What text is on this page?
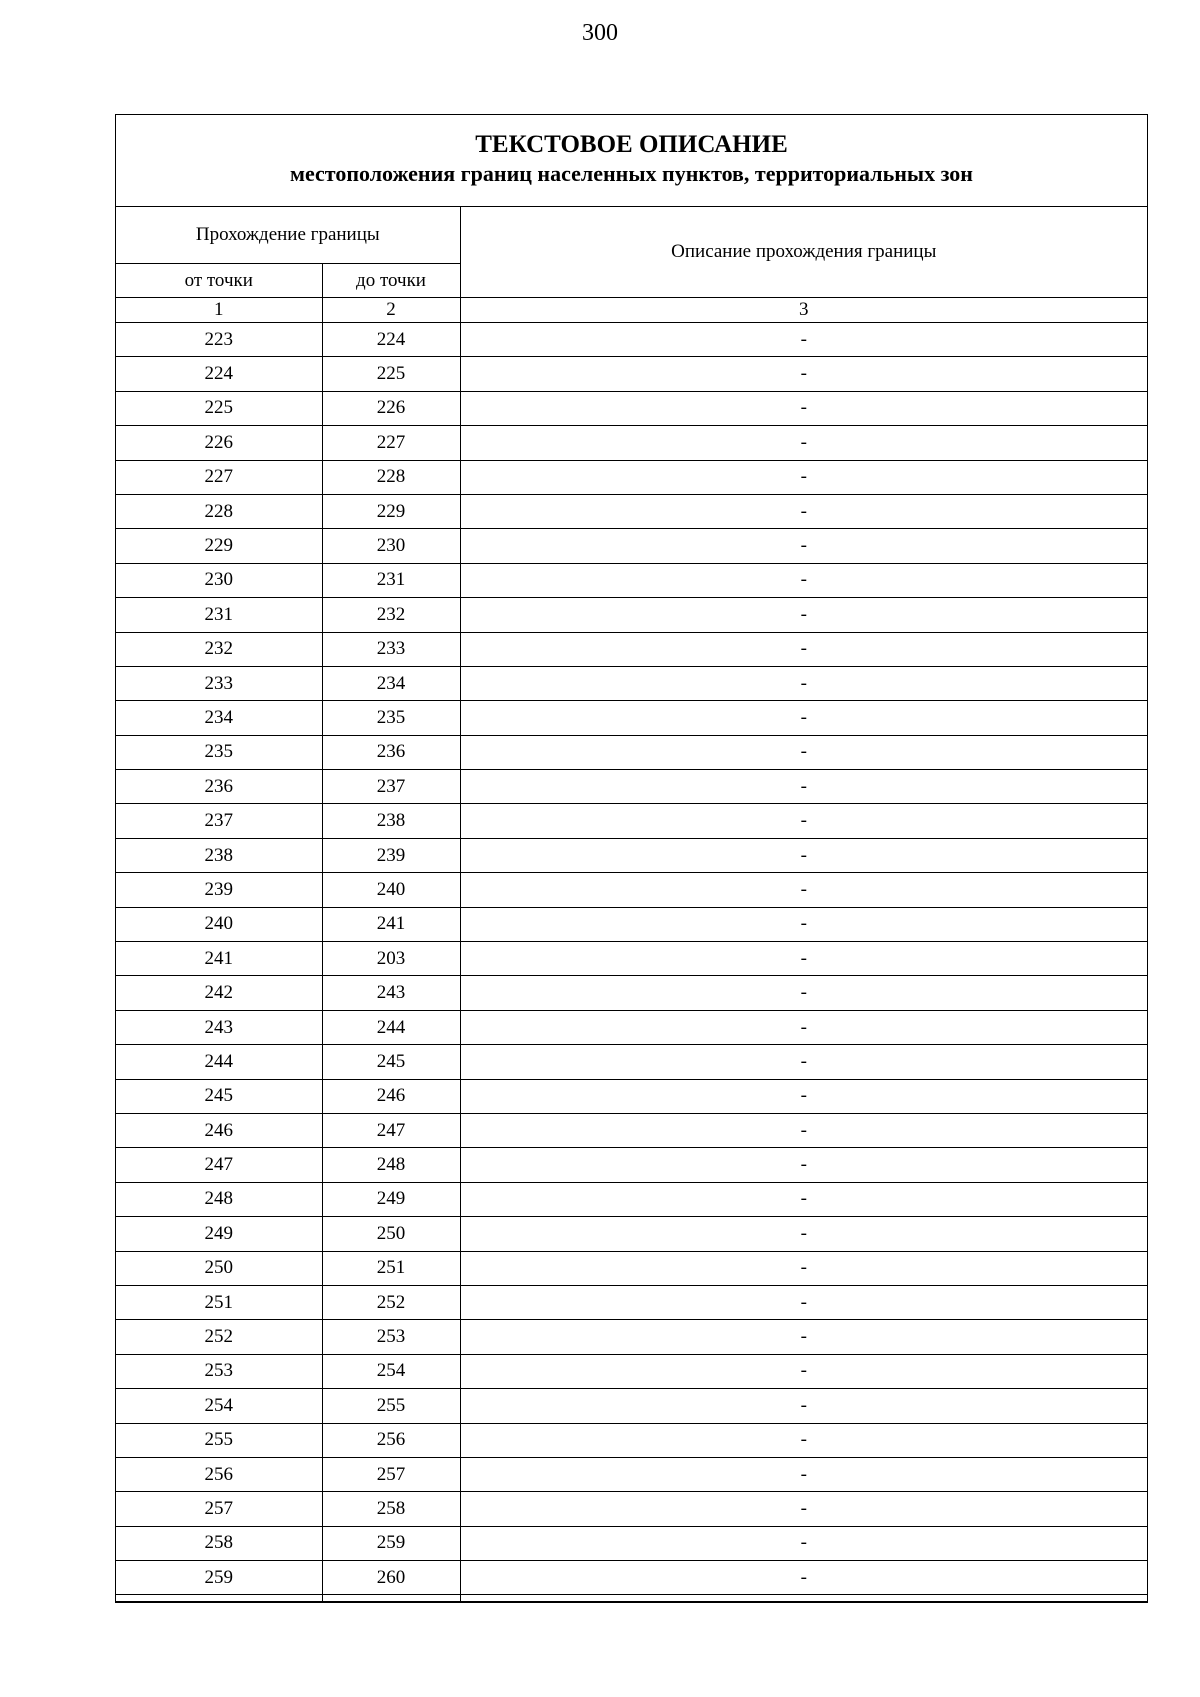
300
ТЕКСТОВОЕ ОПИСАНИЕ
местоположения границ населенных пунктов, территориальных зон
Прохождение границы		Описание прохождения границы
от точки	до точки	
1	2	3
223	224	-
224	225	-
225	226	-
226	227	-
227	228	-
228	229	-
229	230	-
230	231	-
231	232	-
232	233	-
233	234	-
234	235	-
235	236	-
236	237	-
237	238	-
238	239	-
239	240	-
240	241	-
241	203	-
242	243	-
243	244	-
244	245	-
245	246	-
246	247	-
247	248	-
248	249	-
249	250	-
250	251	-
251	252	-
252	253	-
253	254	-
254	255	-
255	256	-
256	257	-
257	258	-
258	259	-
259	260	-
